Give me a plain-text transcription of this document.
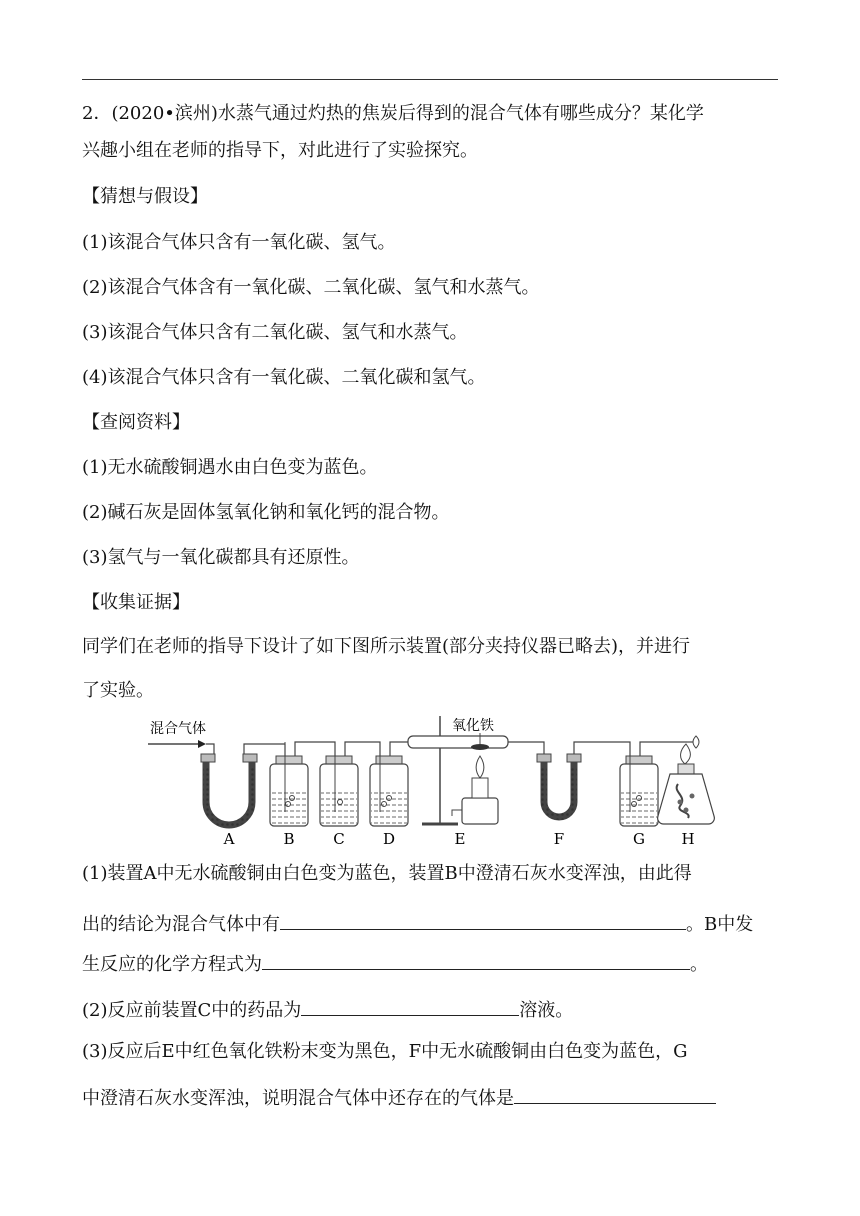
2．(2020•滨州)水蒸气通过灼热的焦炭后得到的混合气体有哪些成分？某化学
兴趣小组在老师的指导下，对此进行了实验探究。
【猜想与假设】
(1)该混合气体只含有一氧化碳、氢气。
(2)该混合气体含有一氧化碳、二氧化碳、氢气和水蒸气。
(3)该混合气体只含有二氧化碳、氢气和水蒸气。
(4)该混合气体只含有一氧化碳、二氧化碳和氢气。
【查阅资料】
(1)无水硫酸铜遇水由白色变为蓝色。
(2)碱石灰是固体氢氧化钠和氧化钙的混合物。
(3)氢气与一氧化碳都具有还原性。
【收集证据】
同学们在老师的指导下设计了如下图所示装置(部分夹持仪器已略去)，并进行
了实验。
混合气体	氧化铁
A	B	C	D	E	F	G H
(1)装置A中无水硫酸铜由白色变为蓝色，装置B中澄清石灰水变浑浊，由此得
出的结论为混合气体中有	。B中发
生反应的化学方程式为	。
(2)反应前装置C中的药品为	溶液。
(3)反应后E中红色氧化铁粉末变为黑色，F中无水硫酸铜由白色变为蓝色，G
中澄清石灰水变浑浊，说明混合气体中还存在的气体是
